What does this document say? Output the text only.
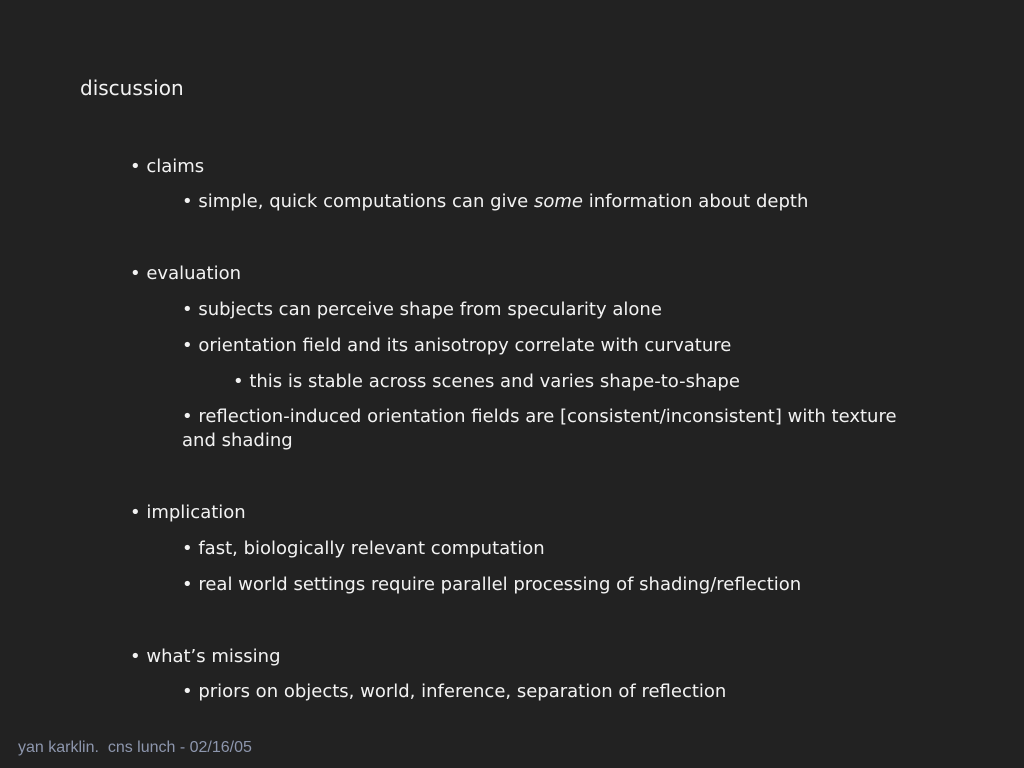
discussion
• claims
• simple, quick computations can give some information about depth
• evaluation
• subjects can perceive shape from specularity alone
• orientation field and its anisotropy correlate with curvature
• this is stable across scenes and varies shape-to-shape
• reflection-induced orientation fields are [consistent/inconsistent] with texture and shading
• implication
• fast, biologically relevant computation
• real world settings require parallel processing of shading/reflection
• what’s missing
• priors on objects, world, inference, separation of reflection
yan karklin.  cns lunch - 02/16/05
